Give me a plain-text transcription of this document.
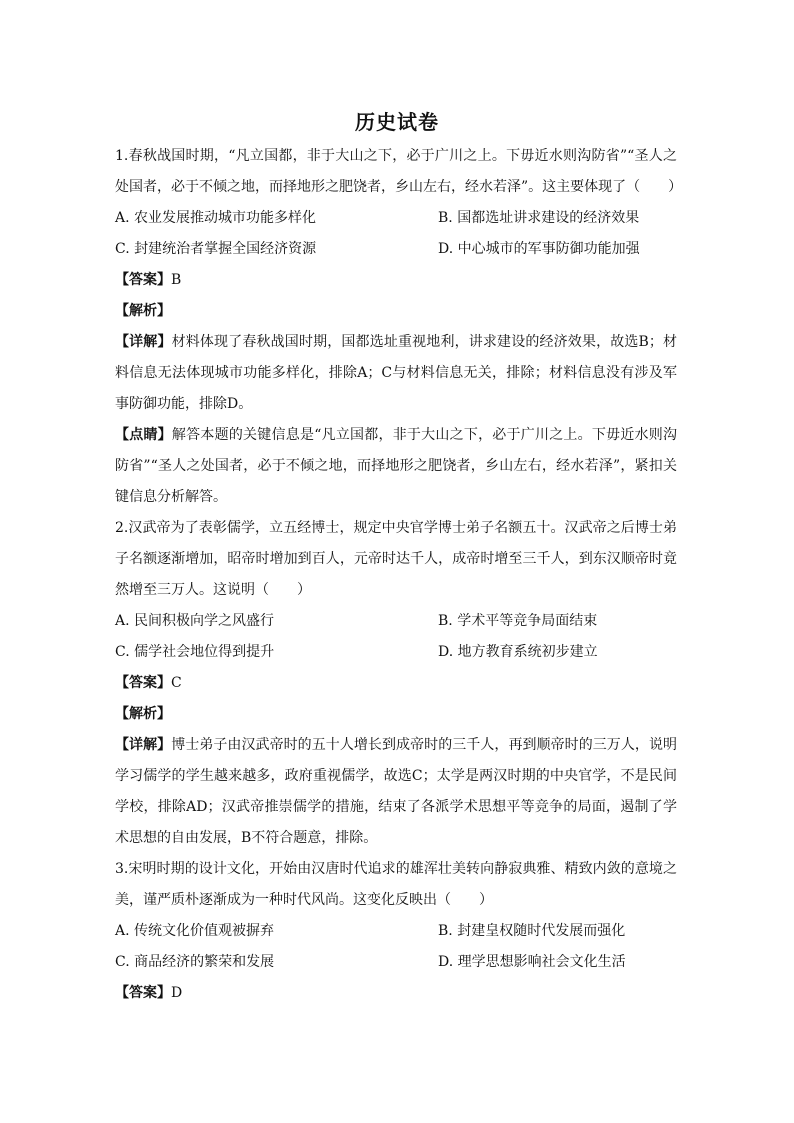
历史试卷

1.春秋战国时期，“凡立国都，非于大山之下，必于广川之上。下毋近水则沟防省”“圣人之处国者，必于不倾之地，而择地形之肥饶者，乡山左右，经水若泽”。这主要体现了（　　）

A. 农业发展推动城市功能多样化	B. 国都选址讲求建设的经济效果
C. 封建统治者掌握全国经济资源	D. 中心城市的军事防御功能加强

【答案】B

【解析】

【详解】材料体现了春秋战国时期，国都选址重视地利，讲求建设的经济效果，故选B；材料信息无法体现城市功能多样化，排除A；C与材料信息无关，排除；材料信息没有涉及军事防御功能，排除D。

【点睛】解答本题的关键信息是“凡立国都，非于大山之下，必于广川之上。下毋近水则沟防省”“圣人之处国者，必于不倾之地，而择地形之肥饶者，乡山左右，经水若泽”，紧扣关键信息分析解答。

2.汉武帝为了表彰儒学，立五经博士，规定中央官学博士弟子名额五十。汉武帝之后博士弟子名额逐渐增加，昭帝时增加到百人，元帝时达千人，成帝时增至三千人，到东汉顺帝时竟然增至三万人。这说明（　　）

A. 民间积极向学之风盛行	B. 学术平等竞争局面结束
C. 儒学社会地位得到提升	D. 地方教育系统初步建立

【答案】C

【解析】

【详解】博士弟子由汉武帝时的五十人增长到成帝时的三千人，再到顺帝时的三万人，说明学习儒学的学生越来越多，政府重视儒学，故选C；太学是两汉时期的中央官学，不是民间学校，排除AD；汉武帝推崇儒学的措施，结束了各派学术思想平等竞争的局面，遏制了学术思想的自由发展，B不符合题意，排除。

3.宋明时期的设计文化，开始由汉唐时代追求的雄浑壮美转向静寂典雅、精致内敛的意境之美，谨严质朴逐渐成为一种时代风尚。这变化反映出（　　）

A. 传统文化价值观被摒弃	B. 封建皇权随时代发展而强化
C. 商品经济的繁荣和发展	D. 理学思想影响社会文化生活

【答案】D
